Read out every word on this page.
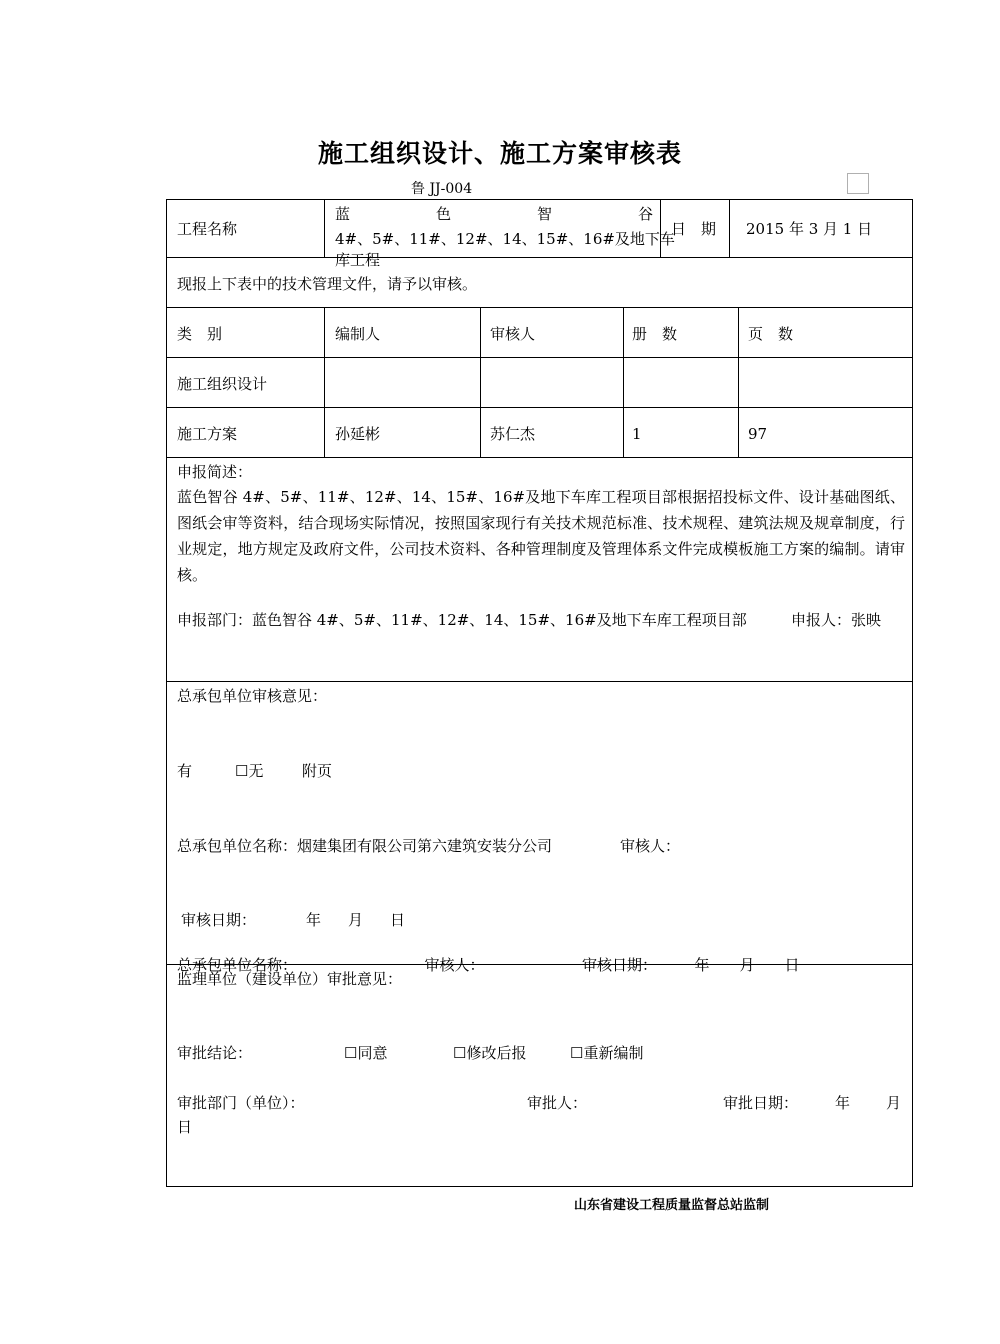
施工组织设计、施工方案审核表
鲁 JJ-004
工程名称
蓝	色	智	谷
4#、5#、11#、12#、14、15#、16#及地下车
库工程
日　期 2015 年 3 月 1 日
现报上下表中的技术管理文件，请予以审核。
类　别	编制人	审核人	册　数	页　数
施工组织设计
施工方案	孙延彬	苏仁杰	1	97
申报简述：
蓝色智谷 4#、5#、11#、12#、14、15#、16#及地下车库工程项目部根据招投标文件、设计基础图纸、图纸会审等资料，结合现场实际情况，按照国家现行有关技术规范标准、技术规程、建筑法规及规章制度，行业规定，地方规定及政府文件，公司技术资料、各种管理制度及管理体系文件完成模板施工方案的编制。请审核。
申报部门：蓝色智谷 4#、5#、11#、12#、14、15#、16#及地下车库工程项目部	申报人：张映
总承包单位审核意见：
有	☐无	附页
总承包单位名称：烟建集团有限公司第六建筑安装分公司	审核人：
审核日期：	年 月 日
总承包单位名称：　　　　　　　　　审核人：　　　　　　　审核日期：　　　年　　月　　日
监理单位（建设单位）审批意见：
审批结论：	☐同意	☐修改后报	☐重新编制
审批部门（单位）：	审批人：	审批日期： 年 月
日
山东省建设工程质量监督总站监制
